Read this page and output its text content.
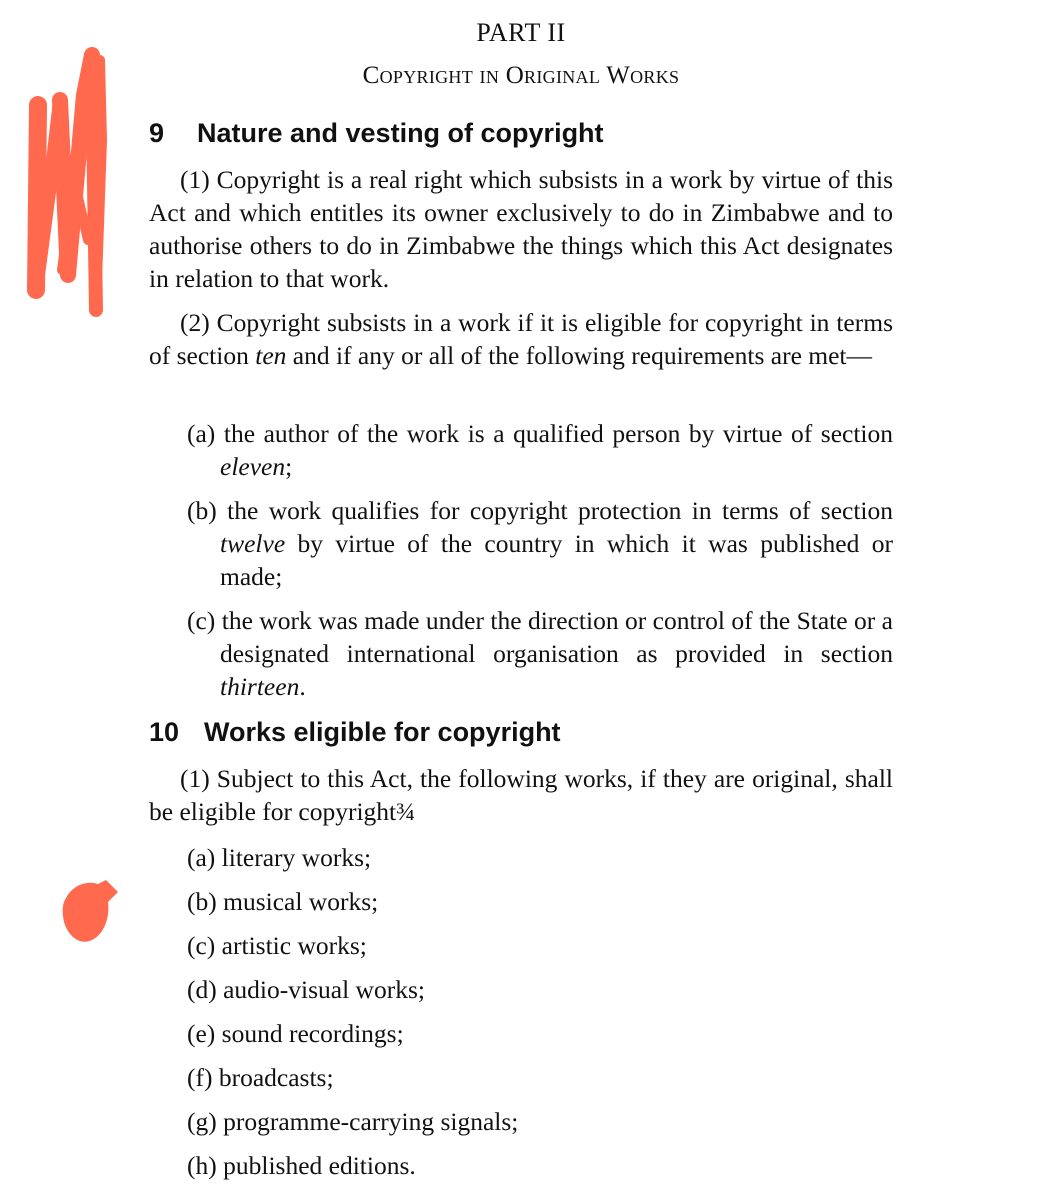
PART II
Copyright in Original Works
9 Nature and vesting of copyright
(1) Copyright is a real right which subsists in a work by virtue of this Act and which entitles its owner exclusively to do in Zimbabwe and to authorise others to do in Zimbabwe the things which this Act designates in relation to that work.
(2) Copyright subsists in a work if it is eligible for copyright in terms of section ten and if any or all of the following requirements are met—
(a) the author of the work is a qualified person by virtue of section eleven;
(b) the work qualifies for copyright protection in terms of section twelve by virtue of the country in which it was published or made;
(c) the work was made under the direction or control of the State or a designated international organisation as provided in section thirteen.
10 Works eligible for copyright
(1) Subject to this Act, the following works, if they are original, shall be eligible for copyright¾
(a) literary works;
(b) musical works;
(c) artistic works;
(d) audio-visual works;
(e) sound recordings;
(f) broadcasts;
(g) programme-carrying signals;
(h) published editions.
